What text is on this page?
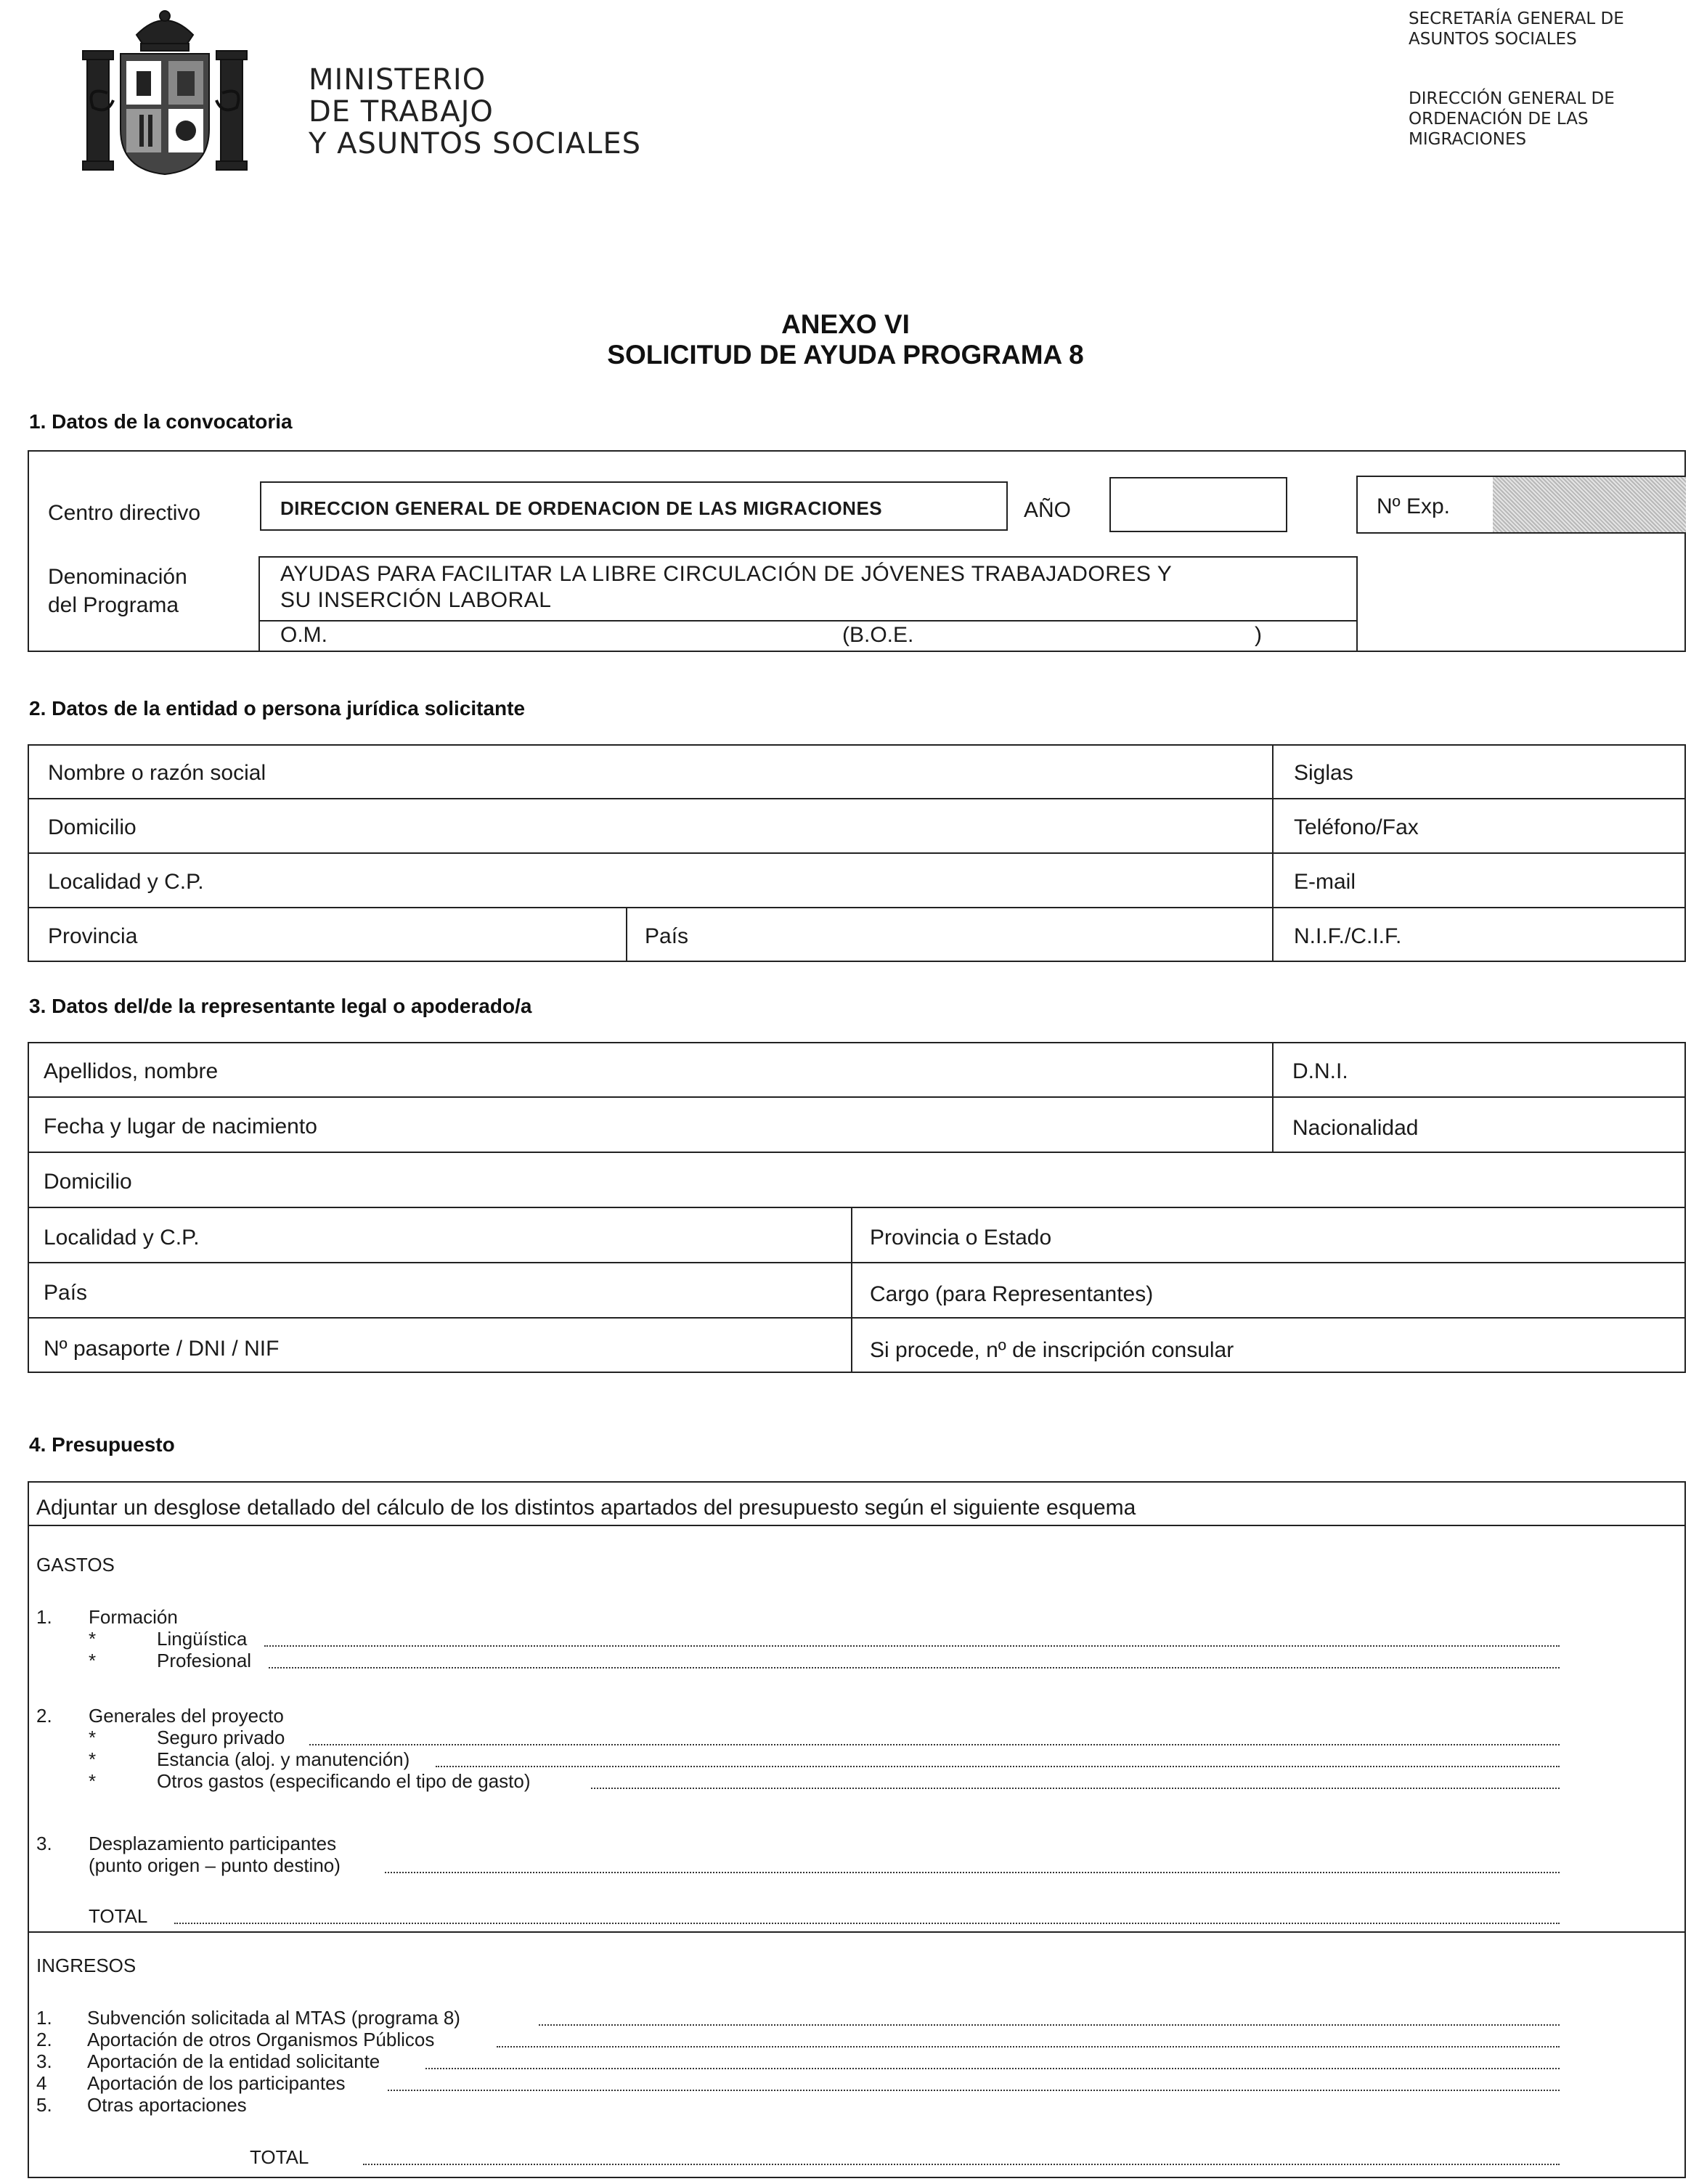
MINISTERIO
DE TRABAJO
Y ASUNTOS SOCIALES
SECRETARÍA GENERAL DE
ASUNTOS SOCIALES
DIRECCIÓN GENERAL DE
ORDENACIÓN DE LAS
MIGRACIONES
ANEXO VI
SOLICITUD DE AYUDA PROGRAMA 8
1. Datos de la convocatoria
Centro directivo	DIRECCION GENERAL DE ORDENACION DE LAS MIGRACIONES	AÑO	Nº Exp.
Denominación
del Programa
AYUDAS PARA FACILITAR LA LIBRE CIRCULACIÓN DE JÓVENES TRABAJADORES Y
SU INSERCIÓN LABORAL
O.M.	(B.O.E.	)
2. Datos de la entidad o persona jurídica solicitante
Nombre o razón social	Siglas
Domicilio	Teléfono/Fax
Localidad y C.P.	E-mail
Provincia	País	N.I.F./C.I.F.
3. Datos del/de la representante legal o apoderado/a
Apellidos, nombre	D.N.I.
Fecha y lugar de nacimiento	Nacionalidad
Domicilio
Localidad y C.P.	Provincia o Estado
País	Cargo (para Representantes)
Nº pasaporte / DNI / NIF	Si procede, nº de inscripción consular
4. Presupuesto
Adjuntar un desglose detallado del cálculo de los distintos apartados del presupuesto según el siguiente esquema
GASTOS
1. Formación
*	Lingüística
*	Profesional
2. Generales del proyecto
*	Seguro privado
*	Estancia (aloj. y manutención)
*	Otros gastos (especificando el tipo de gasto)
3. Desplazamiento participantes
(punto origen – punto destino)
TOTAL
INGRESOS
1. Subvención solicitada al MTAS (programa 8)
2. Aportación de otros Organismos Públicos
3. Aportación de la entidad solicitante
4 Aportación de los participantes
5. Otras aportaciones
TOTAL
